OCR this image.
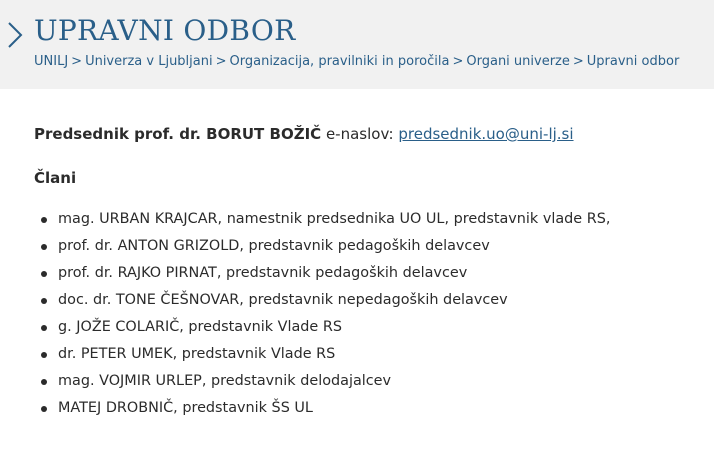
UPRAVNI ODBOR
UNILJ > Univerza v Ljubljani > Organizacija, pravilniki in poročila > Organi univerze > Upravni odbor

Predsednik prof. dr. BORUT BOŽIČ e-naslov: predsednik.uo@uni-lj.si

Člani

mag. URBAN KRAJCAR, namestnik predsednika UO UL, predstavnik vlade RS,
prof. dr. ANTON GRIZOLD, predstavnik pedagoških delavcev
prof. dr. RAJKO PIRNAT, predstavnik pedagoških delavcev
doc. dr. TONE ČEŠNOVAR, predstavnik nepedagoških delavcev
g. JOŽE COLARIČ, predstavnik Vlade RS
dr. PETER UMEK, predstavnik Vlade RS
mag. VOJMIR URLEP, predstavnik delodajalcev
MATEJ DROBNIČ, predstavnik ŠS UL
